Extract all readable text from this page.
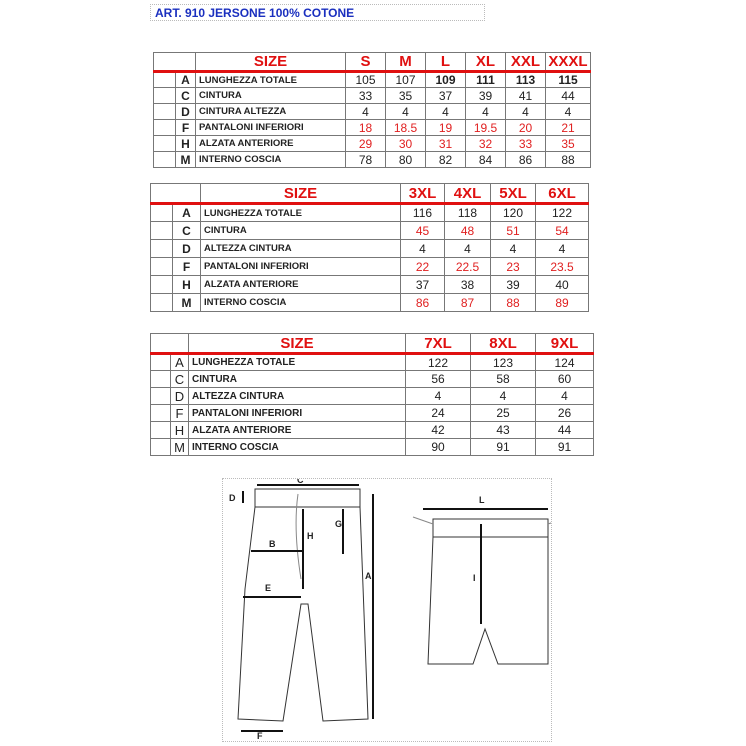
ART. 910 JERSONE 100% COTONE
		SIZE	S	M	L	XL	XXL	XXXL
	A	LUNGHEZZA TOTALE	105	107	109	111	113	115
	C	CINTURA	33	35	37	39	41	44
	D	CINTURA ALTEZZA	4	4	4	4	4	4
	F	PANTALONI INFERIORI	18	18.5	19	19.5	20	21
	H	ALZATA ANTERIORE	29	30	31	32	33	35
	M	INTERNO COSCIA	78	80	82	84	86	88
		SIZE	3XL	4XL	5XL	6XL
	A	LUNGHEZZA TOTALE	116	118	120	122
	C	CINTURA	45	48	51	54
	D	ALTEZZA CINTURA	4	4	4	4
	F	PANTALONI INFERIORI	22	22.5	23	23.5
	H	ALZATA ANTERIORE	37	38	39	40
	M	INTERNO COSCIA	86	87	88	89
		SIZE	7XL	8XL	9XL
	A	LUNGHEZZA TOTALE	122	123	124
	C	CINTURA	56	58	60
	D	ALTEZZA CINTURA	4	4	4
	F	PANTALONI INFERIORI	24	25	26
	H	ALZATA ANTERIORE	42	43	44
	M	INTERNO COSCIA	90	91	91
D
C
G
B
H
E
A
F
L
I
